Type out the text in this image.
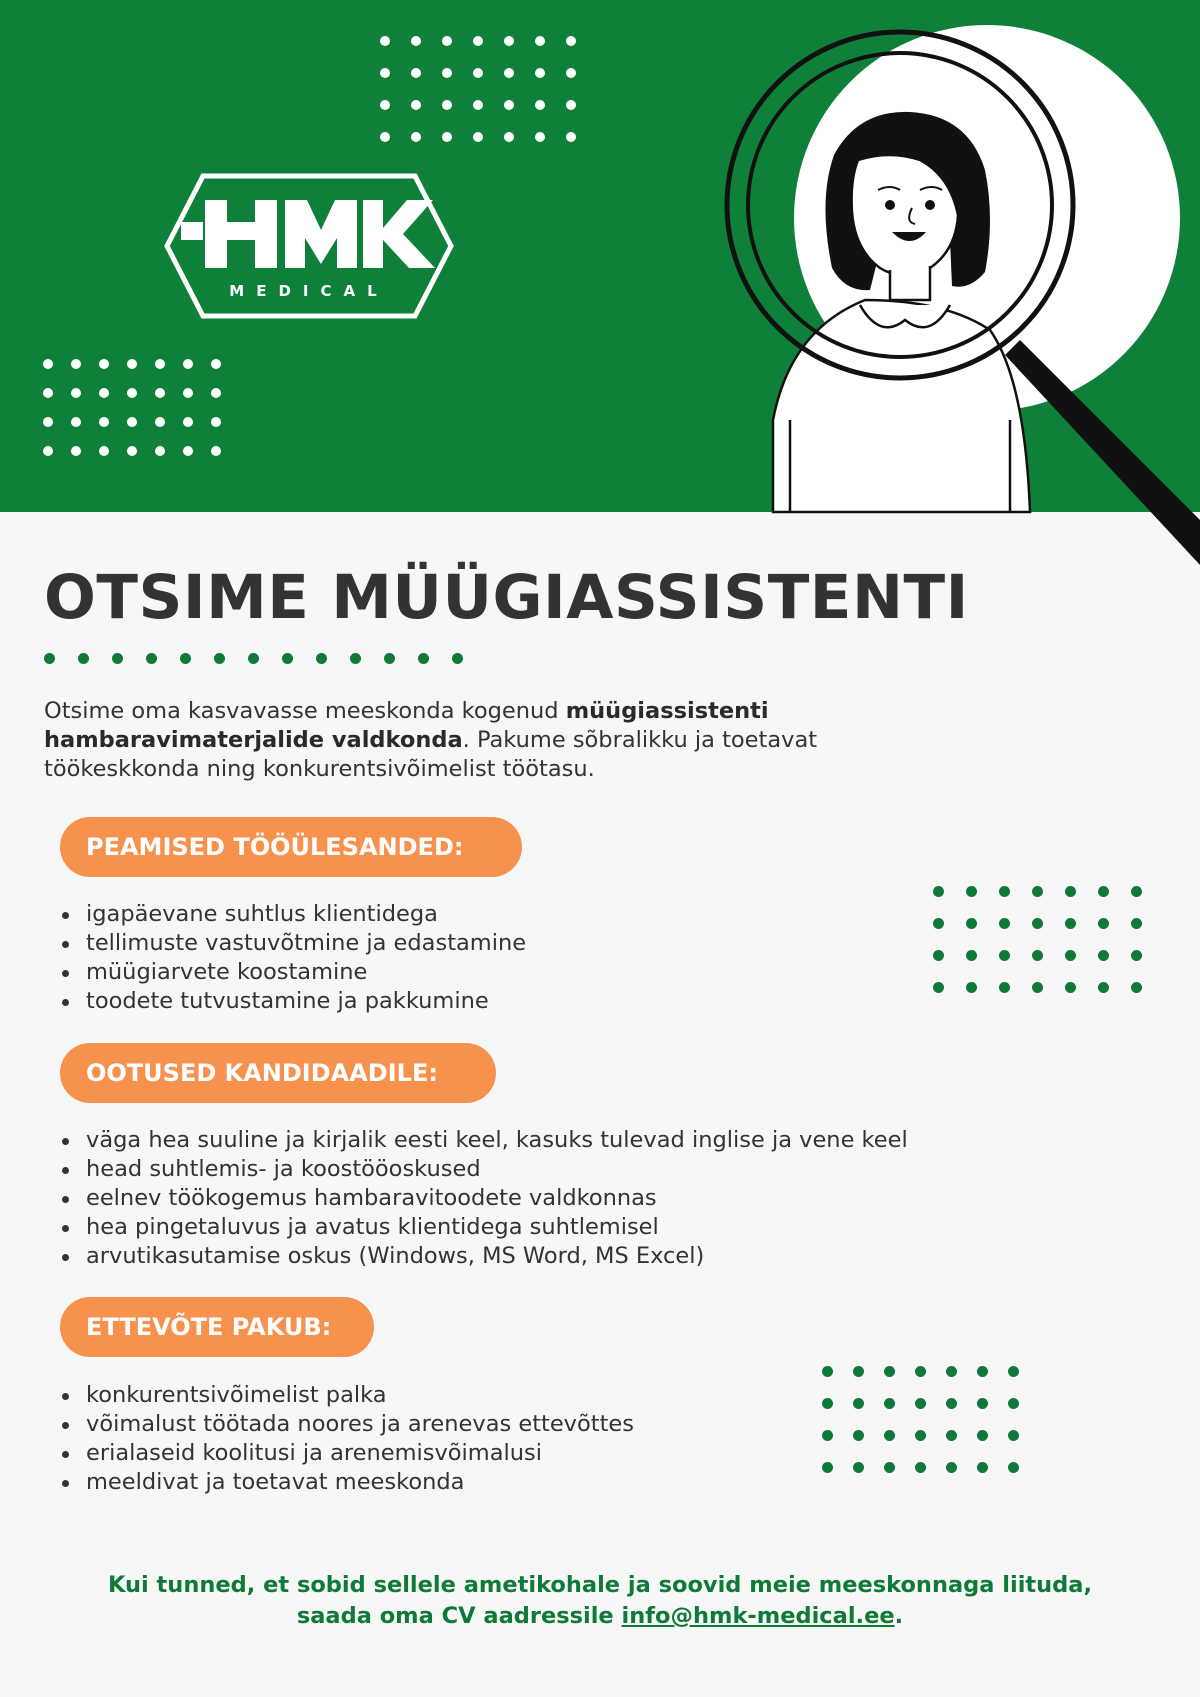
MEDICAL
OTSIME MÜÜGIASSISTENTI

Otsime oma kasvavasse meeskonda kogenud müügiassistenti hambaravimaterjalide valdkonda. Pakume sõbralikku ja toetavat töökeskkonda ning konkurentsivõimelist töötasu.

PEAMISED TÖÖÜLESANDED:
igapäevane suhtlus klientidega
tellimuste vastuvõtmine ja edastamine
müügiarvete koostamine
toodete tutvustamine ja pakkumine
OOTUSED KANDIDAADILE:
väga hea suuline ja kirjalik eesti keel, kasuks tulevad inglise ja vene keel
head suhtlemis- ja koostööoskused
eelnev töökogemus hambaravitoodete valdkonnas
hea pingetaluvus ja avatus klientidega suhtlemisel
arvutikasutamise oskus (Windows, MS Word, MS Excel)
ETTEVÕTE PAKUB:
konkurentsivõimelist palka
võimalust töötada noores ja arenevas ettevõttes
erialaseid koolitusi ja arenemisvõimalusi
meeldivat ja toetavat meeskonda

Kui tunned, et sobid sellele ametikohale ja soovid meie meeskonnaga liituda,
saada oma CV aadressile info@hmk-medical.ee.
